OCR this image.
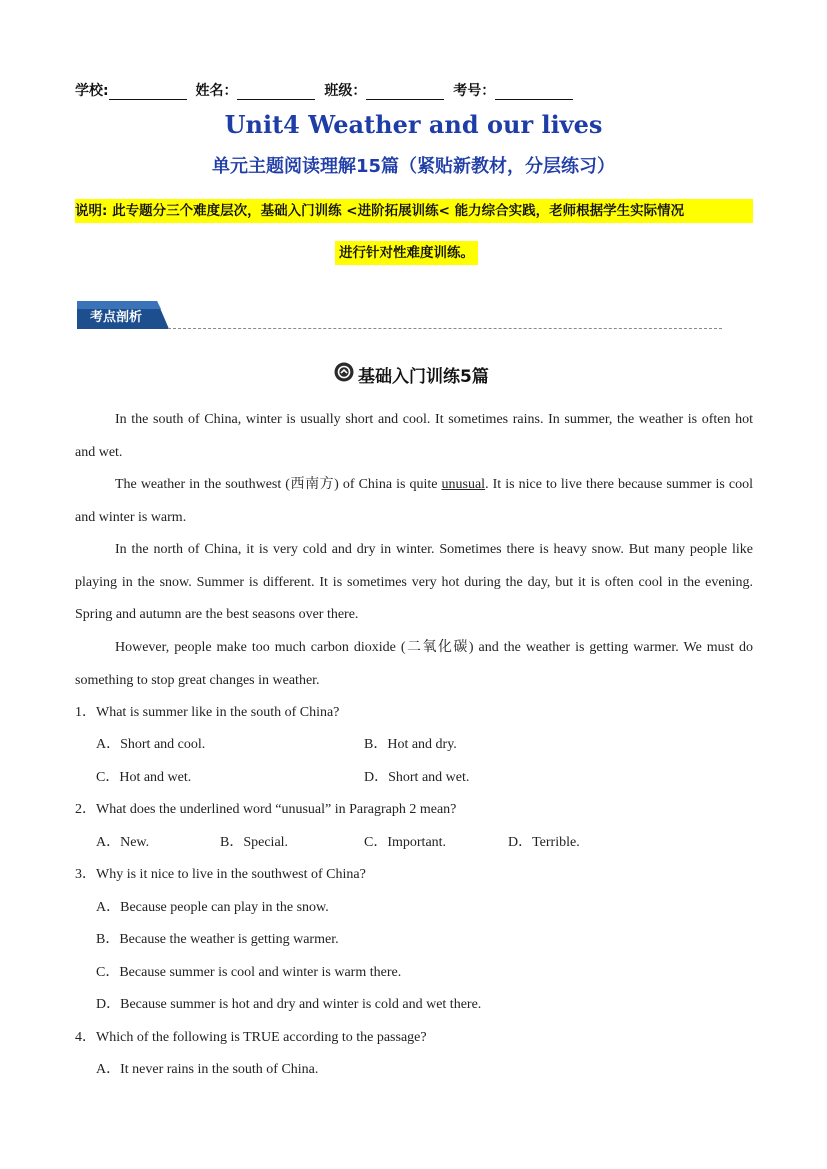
学校:	姓名：	班级：	考号：
Unit4 Weather and our lives
单元主题阅读理解15篇（紧贴新教材，分层练习）
说明: 此专题分三个难度层次，基础入门训练 <进阶拓展训练< 能力综合实践，老师根据学生实际情况
进行针对性难度训练。
考点剖析
基础入门训练5篇
In the south of China, winter is usually short and cool. It sometimes rains. In summer, the weather is often hot and wet.
The weather in the southwest (西南方) of China is quite unusual. It is nice to live there because summer is cool and winter is warm.
In the north of China, it is very cold and dry in winter. Sometimes there is heavy snow. But many people like playing in the snow. Summer is different. It is sometimes very hot during the day, but it is often cool in the evening. Spring and autumn are the best seasons over there.
However, people make too much carbon dioxide (二氧化碳) and the weather is getting warmer. We must do something to stop great changes in weather.
1．What is summer like in the south of China?
A．Short and cool.	B．Hot and dry.
C．Hot and wet.	D．Short and wet.
2．What does the underlined word “unusual” in Paragraph 2 mean?
A．New.	B．Special.	C．Important.	D．Terrible.
3．Why is it nice to live in the southwest of China?
A．Because people can play in the snow.
B．Because the weather is getting warmer.
C．Because summer is cool and winter is warm there.
D．Because summer is hot and dry and winter is cold and wet there.
4．Which of the following is TRUE according to the passage?
A．It never rains in the south of China.
